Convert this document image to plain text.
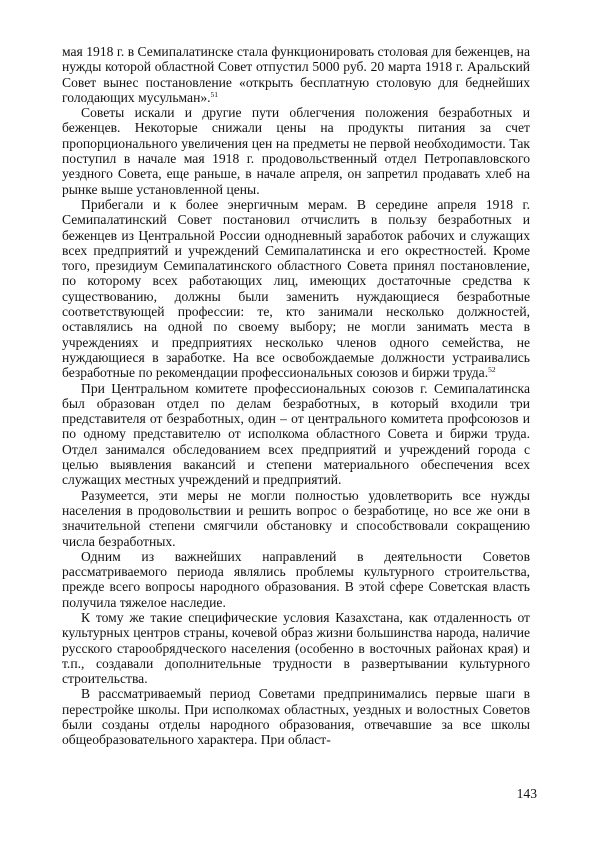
мая 1918 г. в Семипалатинске стала функционировать столовая для беженцев, на нужды которой областной Совет отпустил 5000 руб. 20 марта 1918 г. Аральский Совет вынес постановление «открыть бесплатную столовую для беднейших голодающих мусульман».$^{51}$

Советы искали и другие пути облегчения положения безработных и беженцев. Некоторые снижали цены на продукты питания за счет пропорционального увеличения цен на предметы не первой необходимости. Так поступил в начале мая 1918 г. продовольственный отдел Петропавловского уездного Совета, еще раньше, в начале апреля, он запретил продавать хлеб на рынке выше установленной цены.

Прибегали и к более энергичным мерам. В середине апреля 1918 г. Семипалатинский Совет постановил отчислить в пользу безработных и беженцев из Центральной России однодневный заработок рабочих и служащих всех предприятий и учреждений Семипалатинска и его окрестностей. Кроме того, президиум Семипалатинского областного Совета принял постановление, по которому всех работающих лиц, имеющих достаточные средства к существованию, должны были заменить нуждающиеся безработные соответствующей профессии: те, кто занимали несколько должностей, оставлялись на одной по своему выбору; не могли занимать места в учреждениях и предприятиях несколько членов одного семейства, не нуждающиеся в заработке. На все освобождаемые должности устраивались безработные по рекомендации профессиональных союзов и биржи труда.$^{52}$

При Центральном комитете профессиональных союзов г. Семипалатинска был образован отдел по делам безработных, в который входили три представителя от безработных, один – от центрального комитета профсоюзов и по одному представителю от исполкома областного Совета и биржи труда. Отдел занимался обследованием всех предприятий и учреждений города с целью выявления вакансий и степени материального обеспечения всех служащих местных учреждений и предприятий.

Разумеется, эти меры не могли полностью удовлетворить все нужды населения в продовольствии и решить вопрос о безработице, но все же они в значительной степени смягчили обстановку и способствовали сокращению числа безработных.

Одним из важнейших направлений в деятельности Советов рассматриваемого периода являлись проблемы культурного строительства, прежде всего вопросы народного образования. В этой сфере Советская власть получила тяжелое наследие.

К тому же такие специфические условия Казахстана, как отдаленность от культурных центров страны, кочевой образ жизни большинства народа, наличие русского старообрядческого населения (особенно в восточных районах края) и т.п., создавали дополнительные трудности в развертывании культурного строительства.

В рассматриваемый период Советами предпринимались первые шаги в перестройке школы. При исполкомах областных, уездных и волостных Советов были созданы отделы народного образования, отвечавшие за все школы общеобразовательного характера. При област-

143
